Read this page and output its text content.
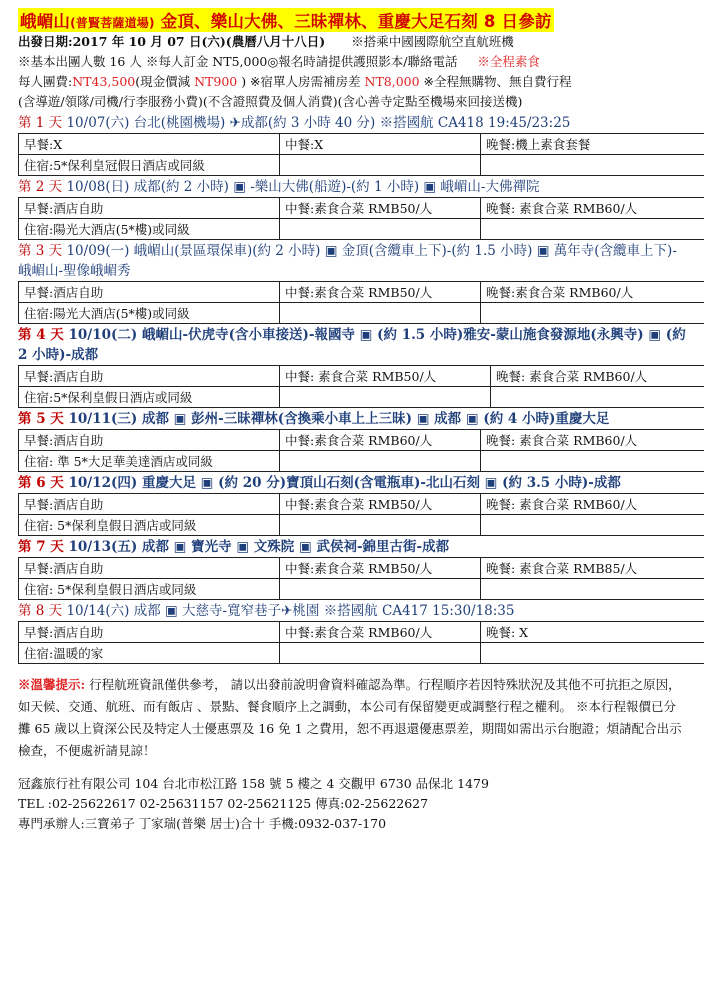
峨嵋山(普賢菩薩道場) 金頂、樂山大佛、三昧禪林、重慶大足石刻 8 日參訪
出發日期:2017 年 10 月 07 日(六)(農曆八月十八日) ※搭乘中國國際航空直航班機
※基本出團人數 16 人 ※每人訂金 NT5,000◎報名時請提供護照影本/聯絡電話 ※全程素食
每人團費:NT43,500(現金價減 NT900 ) ※宿單人房需補房差 NT8,000 ※全程無購物、無自費行程
(含導遊/領隊/司機/行李服務小費)(不含證照費及個人消費)(含心善寺定點至機場來回接送機)
第 1 天 10/07(六) 台北(桃園機場) ✈成都(約 3 小時 40 分) ※搭國航 CA418 19:45/23:25
早餐:X	中餐:X	晚餐:機上素食套餐
住宿:5*保利皇冠假日酒店或同級		
第 2 天 10/08(日) 成都(約 2 小時) ▣ -樂山大佛(船遊)-(約 1 小時) ▣ 峨嵋山-大佛禪院
早餐:酒店自助	中餐:素食合菜 RMB50/人	晚餐: 素食合菜 RMB60/人
住宿:陽光大酒店(5*樓)或同級		
第 3 天 10/09(一) 峨嵋山(景區環保車)(約 2 小時) ▣ 金頂(含纜車上下)-(約 1.5 小時) ▣ 萬年寺(含纜車上下)-峨嵋山-聖像峨嵋秀
早餐:酒店自助	中餐:素食合菜 RMB50/人	晚餐:素食合菜 RMB60/人
住宿:陽光大酒店(5*樓)或同級		
第 4 天 10/10(二) 峨嵋山-伏虎寺(含小車接送)-報國寺 ▣ (約 1.5 小時)雅安-蒙山施食發源地(永興寺) ▣ (約 2 小時)-成都
早餐:酒店自助	中餐: 素食合菜 RMB50/人	晚餐: 素食合菜 RMB60/人
住宿:5*保利皇假日酒店或同級		
第 5 天 10/11(三) 成都 ▣ 彭州-三昧禪林(含換乘小車上上三昧) ▣ 成都 ▣ (約 4 小時)重慶大足
早餐:酒店自助	中餐:素食合菜 RMB60/人	晚餐: 素食合菜 RMB60/人
住宿: 準 5*大足華美達酒店或同級		
第 6 天 10/12(四) 重慶大足 ▣ (約 20 分)寶頂山石刻(含電瓶車)-北山石刻 ▣ (約 3.5 小時)-成都
早餐:酒店自助	中餐:素食合菜 RMB50/人	晚餐: 素食合菜 RMB60/人
住宿: 5*保利皇假日酒店或同級		
第 7 天 10/13(五) 成都 ▣ 寶光寺 ▣ 文殊院 ▣ 武侯祠-錦里古街-成都
早餐:酒店自助	中餐:素食合菜 RMB50/人	晚餐: 素食合菜 RMB85/人
住宿: 5*保利皇假日酒店或同級		
第 8 天 10/14(六) 成都 ▣ 大慈寺-寬窄巷子✈桃園 ※搭國航 CA417 15:30/18:35
早餐:酒店自助	中餐:素食合菜 RMB60/人	晚餐: X
住宿:溫暖的家		
※溫馨提示: 行程航班資訊僅供參考， 請以出發前說明會資料確認為準。行程順序若因特殊狀況及其他不可抗拒之原因， 如天候、交通、航班、而有飯店 、景點、餐食順序上之調動，本公司有保留變更或調整行程之權利。 ※本行程報價已分攤 65 歲以上資深公民及特定人士優惠票及 16 免 1 之費用，恕不再退還優惠票差，期間如需出示台胞證；煩請配合出示檢查，不便處祈請見諒！
冠鑫旅行社有限公司 104 台北市松江路 158 號 5 樓之 4 交觀甲 6730 品保北 1479
TEL :02-25622617 02-25631157 02-25621125 傳真:02-25622627
專門承辦人:三寶弟子 丁家瑞(普樂 居士)合十 手機:0932-037-170
